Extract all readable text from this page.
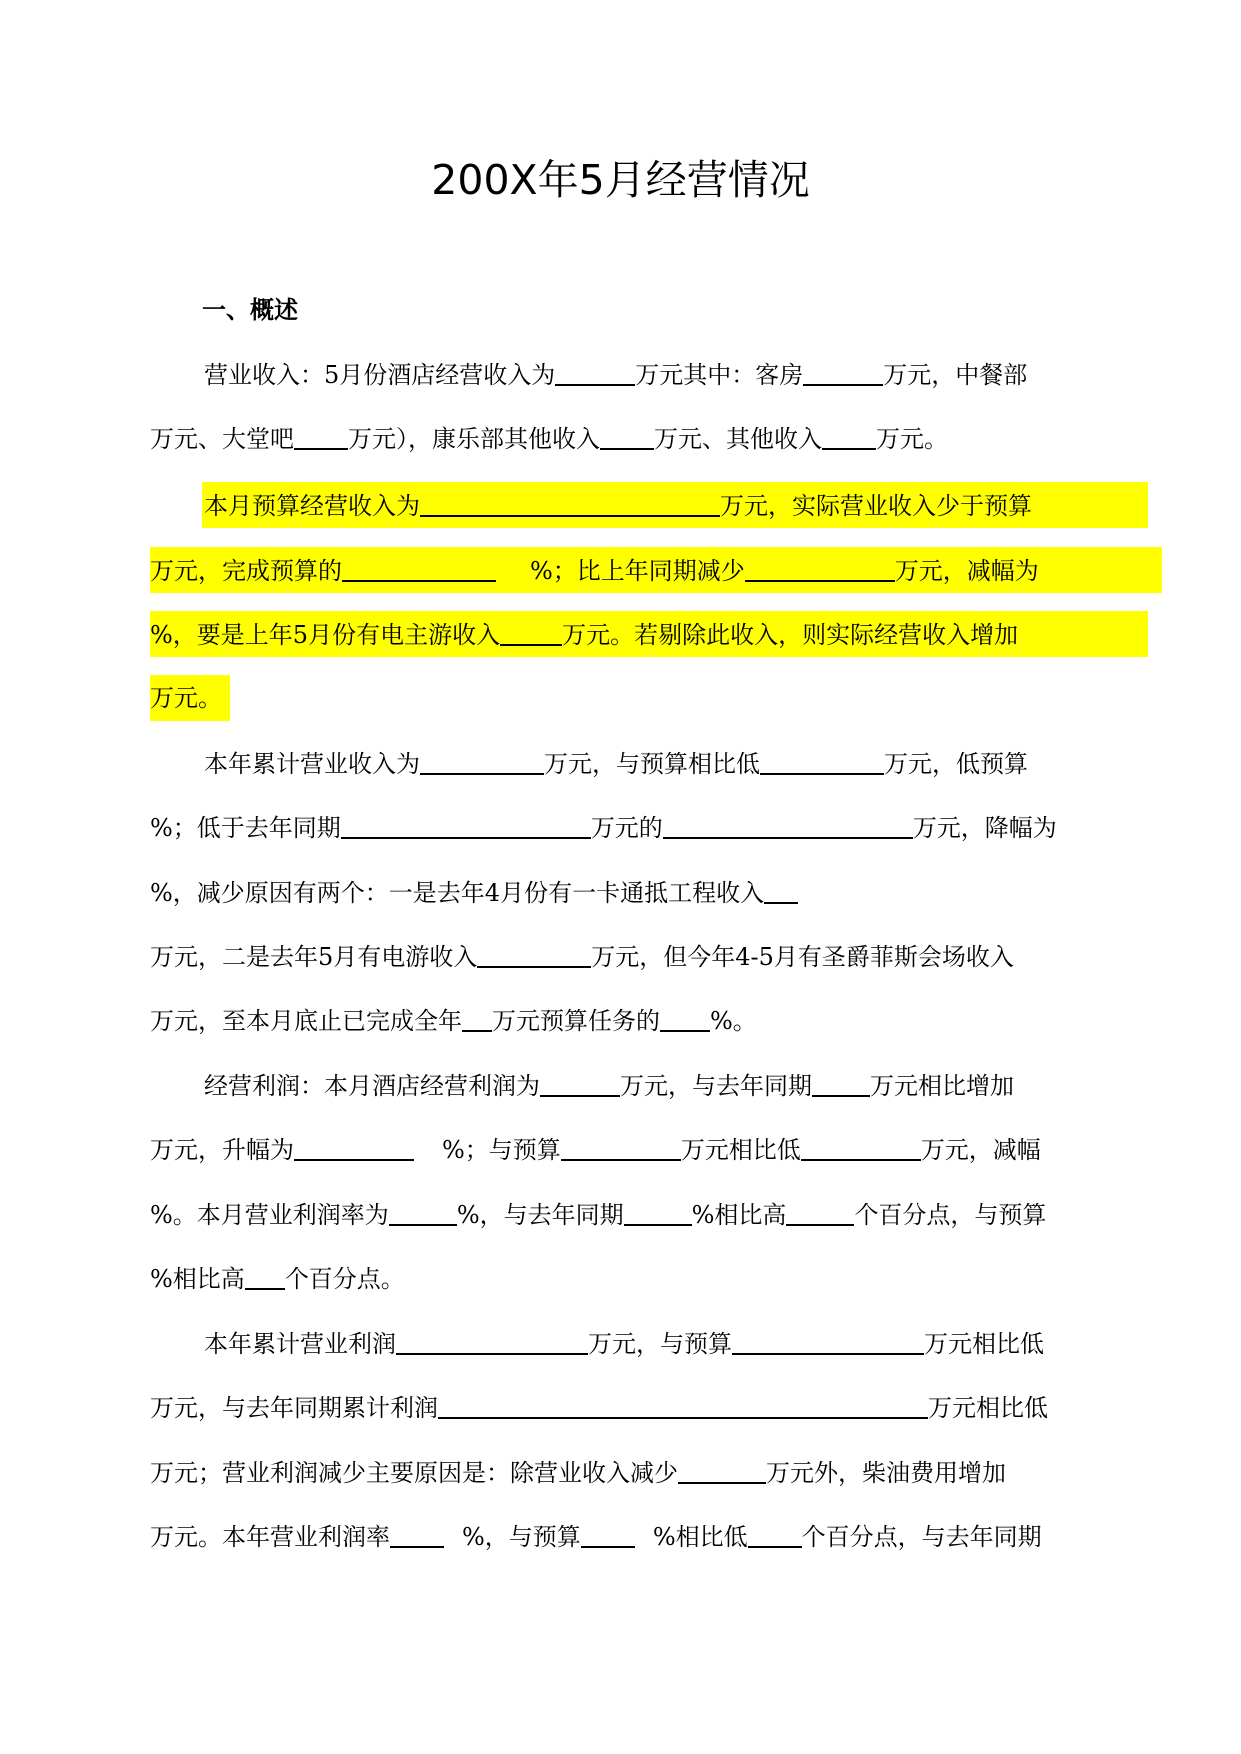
200X年5月经营情况
一、概述
营业收入：5月份酒店经营收入为	万元其中：客房	万元，中餐部
万元、大堂吧 万元），康乐部其他收入 万元、其他收入 万元。
本月预算经营收入为	万元，实际营业收入少于预算
万元，完成预算的	%；比上年同期减少	万元，减幅为
%，要是上年5月份有电主游收入	万元。若剔除此收入，则实际经营收入增加
万元。
本年累计营业收入为	万元，与预算相比低	万元，低预算
%；低于去年同期	万元的	万元，降幅为
%，减少原因有两个：一是去年4月份有一卡通抵工程收入
万元，二是去年5月有电游收入	万元，但今年4-5月有圣爵菲斯会场收入
万元，至本月底止已完成全年 万元预算任务的 %。
经营利润：本月酒店经营利润为	万元，与去年同期 万元相比增加
万元，升幅为	%；与预算	万元相比低	万元，减幅
%。本月营业利润率为	%，与去年同期	%相比高	个百分点，与预算
%相比高 个百分点。
本年累计营业利润	万元，与预算	万元相比低
万元，与去年同期累计利润	万元相比低
万元；营业利润减少主要原因是：除营业收入减少	万元外，柴油费用增加
万元。本年营业利润率	%，与预算	%相比低 个百分点，与去年同期
